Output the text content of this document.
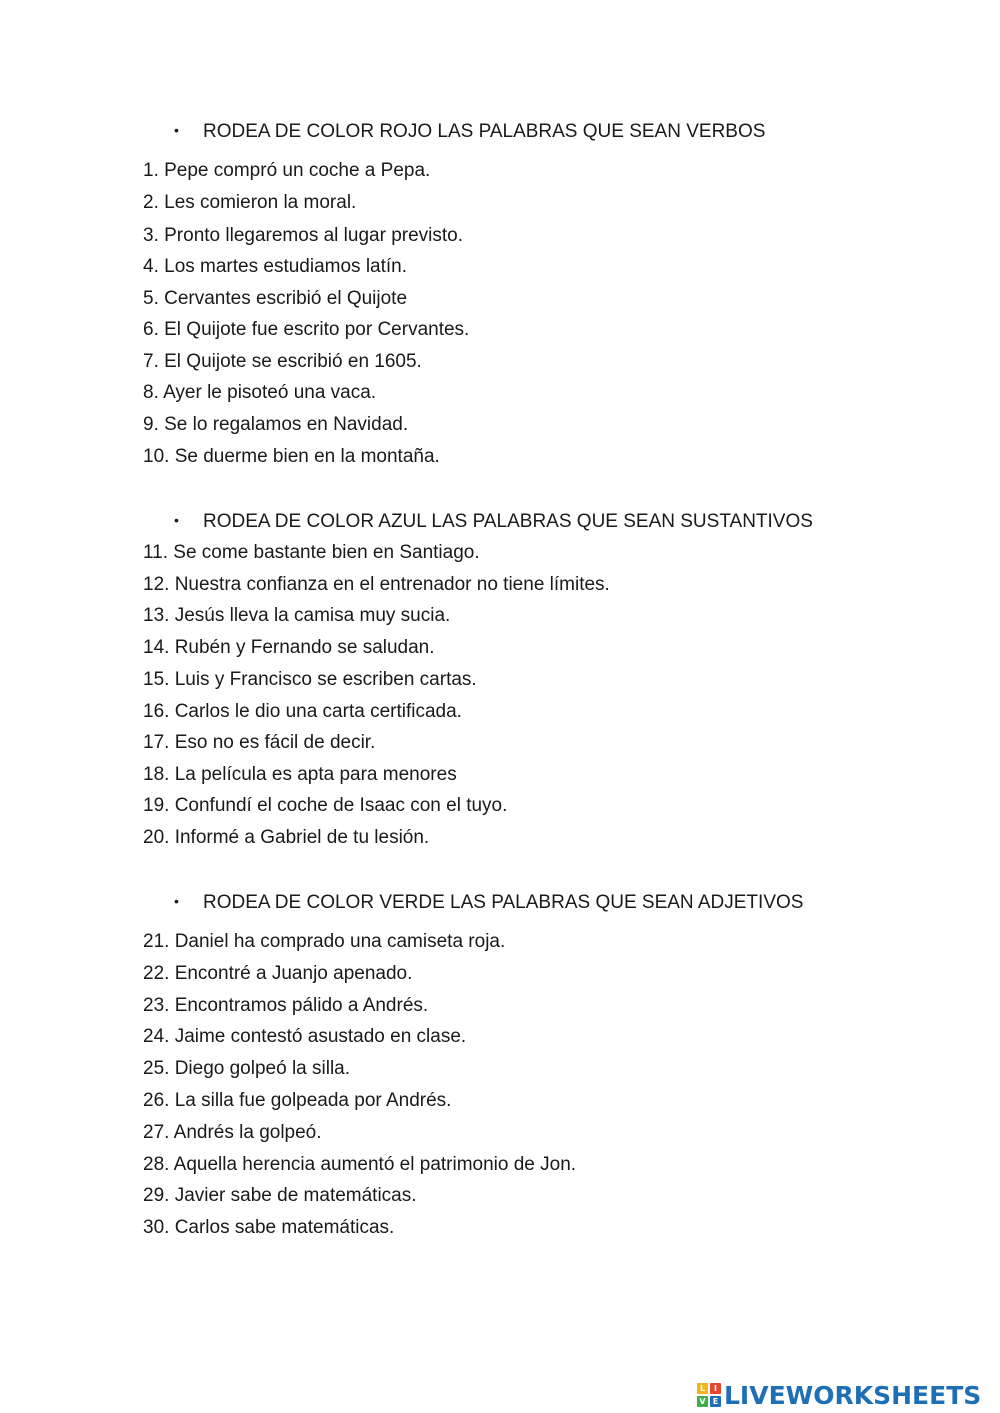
• RODEA DE COLOR ROJO LAS PALABRAS QUE SEAN VERBOS
1. Pepe compró un coche a Pepa.
2. Les comieron la moral.
3. Pronto llegaremos al lugar previsto.
4. Los martes estudiamos latín.
5. Cervantes escribió el Quijote
6. El Quijote fue escrito por Cervantes.
7. El Quijote se escribió en 1605.
8. Ayer le pisoteó una vaca.
9. Se lo regalamos en Navidad.
10. Se duerme bien en la montaña.
• RODEA DE COLOR AZUL LAS PALABRAS QUE SEAN SUSTANTIVOS
11. Se come bastante bien en Santiago.
12. Nuestra confianza en el entrenador no tiene límites.
13. Jesús lleva la camisa muy sucia.
14. Rubén y Fernando se saludan.
15. Luis y Francisco se escriben cartas.
16. Carlos le dio una carta certificada.
17. Eso no es fácil de decir.
18. La película es apta para menores
19. Confundí el coche de Isaac con el tuyo.
20. Informé a Gabriel de tu lesión.
• RODEA DE COLOR VERDE LAS PALABRAS QUE SEAN ADJETIVOS
21. Daniel ha comprado una camiseta roja.
22. Encontré a Juanjo apenado.
23. Encontramos pálido a Andrés.
24. Jaime contestó asustado en clase.
25. Diego golpeó la silla.
26. La silla fue golpeada por Andrés.
27. Andrés la golpeó.
28. Aquella herencia aumentó el patrimonio de Jon.
29. Javier sabe de matemáticas.
30. Carlos sabe matemáticas.
L	I
V E LIVEWORKSHEETS
